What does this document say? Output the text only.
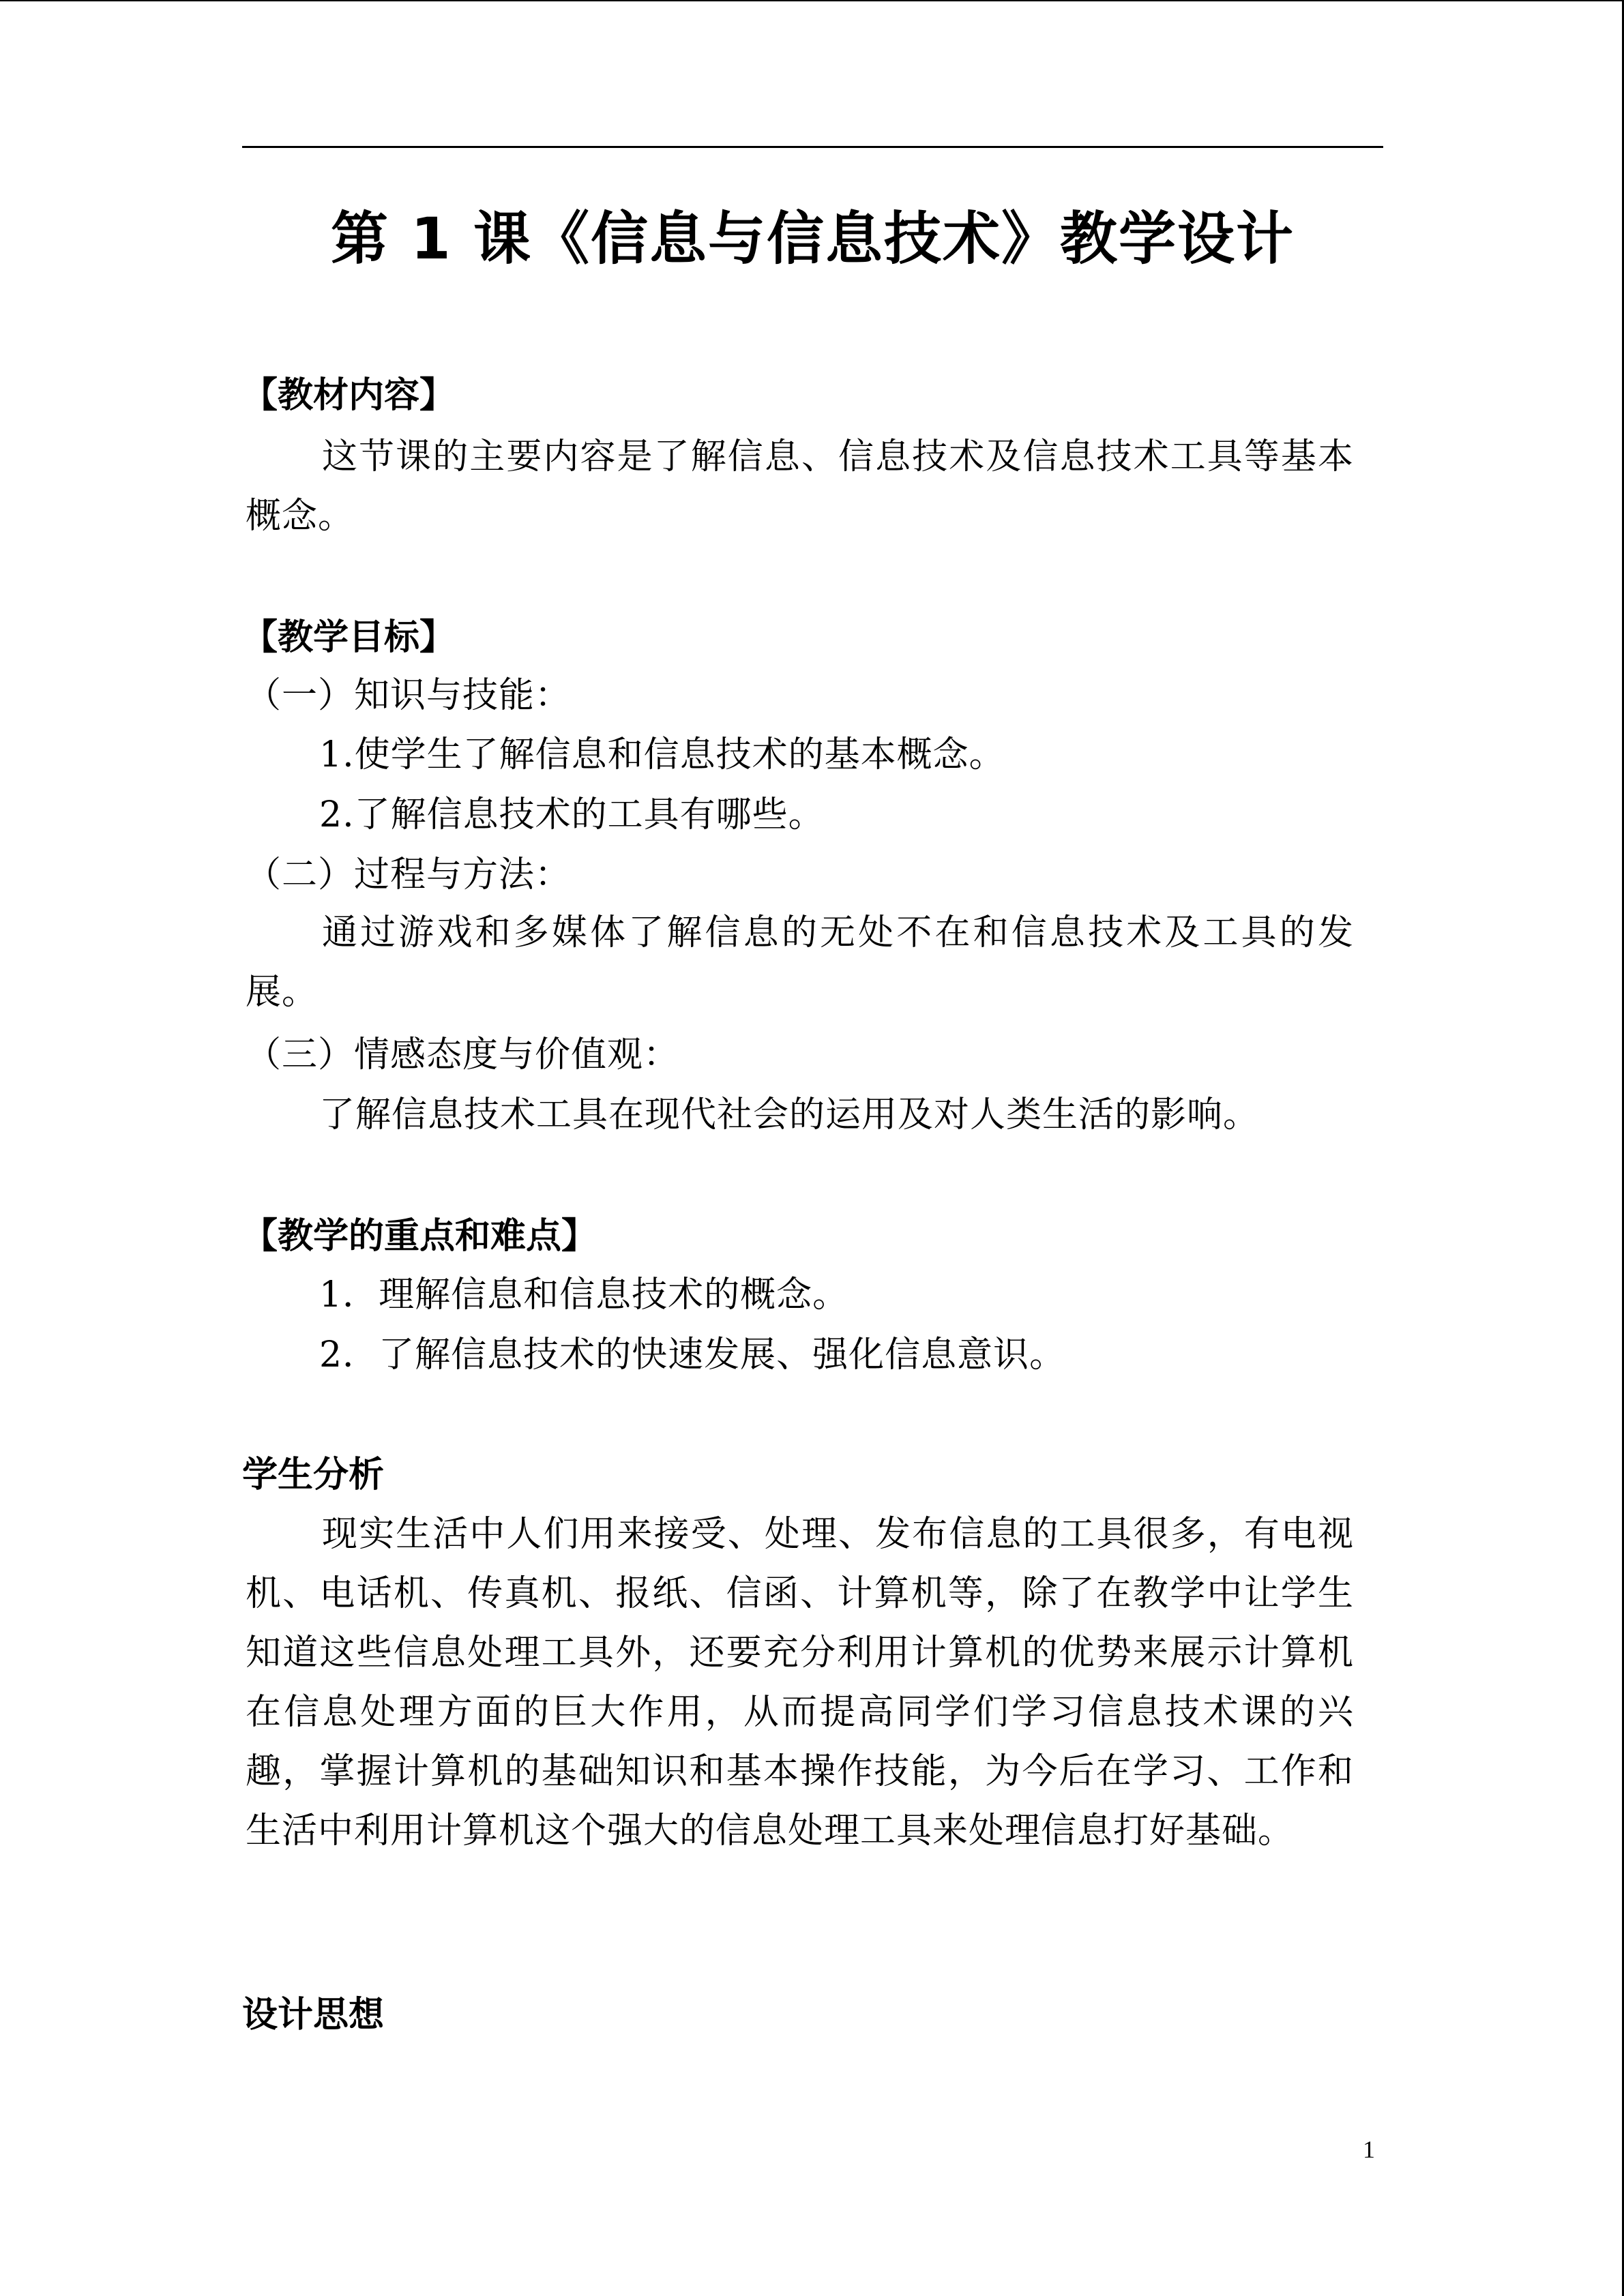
第 1 课《信息与信息技术》教学设计
【教材内容】
这节课的主要内容是了解信息、信息技术及信息技术工具等基本概念。
【教学目标】
（一）知识与技能：
1.使学生了解信息和信息技术的基本概念。
2.了解信息技术的工具有哪些。
（二）过程与方法：
通过游戏和多媒体了解信息的无处不在和信息技术及工具的发展。
（三）情感态度与价值观：
了解信息技术工具在现代社会的运用及对人类生活的影响。
【教学的重点和难点】
1．理解信息和信息技术的概念。
2．了解信息技术的快速发展、强化信息意识。
学生分析
现实生活中人们用来接受、处理、发布信息的工具很多，有电视机、电话机、传真机、报纸、信函、计算机等，除了在教学中让学生知道这些信息处理工具外，还要充分利用计算机的优势来展示计算机在信息处理方面的巨大作用，从而提高同学们学习信息技术课的兴趣，掌握计算机的基础知识和基本操作技能，为今后在学习、工作和生活中利用计算机这个强大的信息处理工具来处理信息打好基础。
设计思想
1
